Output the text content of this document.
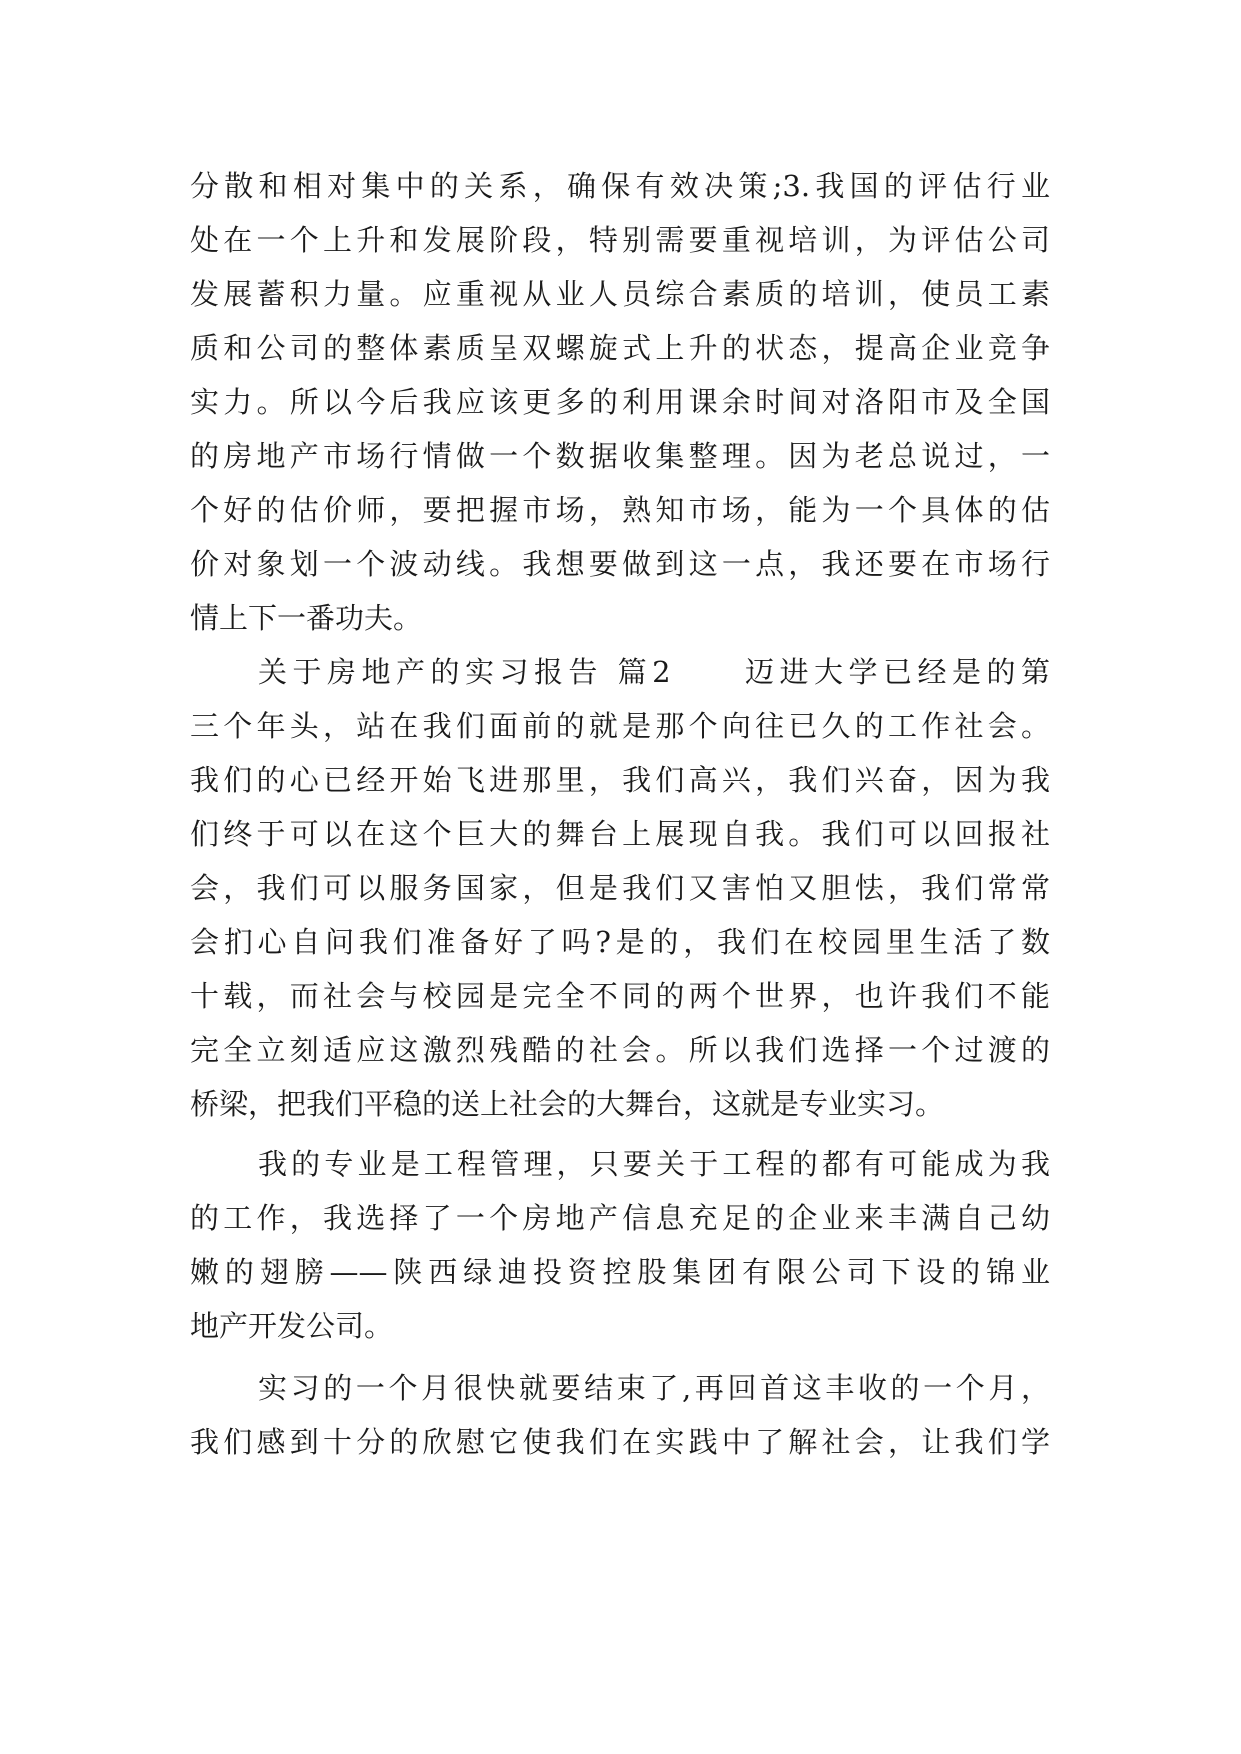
分散和相对集中的关系，确保有效决策;3.我国的评估行业
处在一个上升和发展阶段，特别需要重视培训，为评估公司
发展蓄积力量。应重视从业人员综合素质的培训，使员工素
质和公司的整体素质呈双螺旋式上升的状态，提高企业竞争
实力。所以今后我应该更多的利用课余时间对洛阳市及全国
的房地产市场行情做一个数据收集整理。因为老总说过，一
个好的估价师，要把握市场，熟知市场，能为一个具体的估
价对象划一个波动线。我想要做到这一点，我还要在市场行
情上下一番功夫。
关于房地产的实习报告 篇2　　迈进大学已经是的第
三个年头，站在我们面前的就是那个向往已久的工作社会。
我们的心已经开始飞进那里，我们高兴，我们兴奋，因为我
们终于可以在这个巨大的舞台上展现自我。我们可以回报社
会，我们可以服务国家，但是我们又害怕又胆怯，我们常常
会扪心自问我们准备好了吗?是的，我们在校园里生活了数
十载，而社会与校园是完全不同的两个世界，也许我们不能
完全立刻适应这激烈残酷的社会。所以我们选择一个过渡的
桥梁，把我们平稳的送上社会的大舞台，这就是专业实习。
我的专业是工程管理，只要关于工程的都有可能成为我
的工作，我选择了一个房地产信息充足的企业来丰满自己幼
嫩的翅膀——陕西绿迪投资控股集团有限公司下设的锦业
地产开发公司。
实习的一个月很快就要结束了,再回首这丰收的一个月，
我们感到十分的欣慰它使我们在实践中了解社会，让我们学
